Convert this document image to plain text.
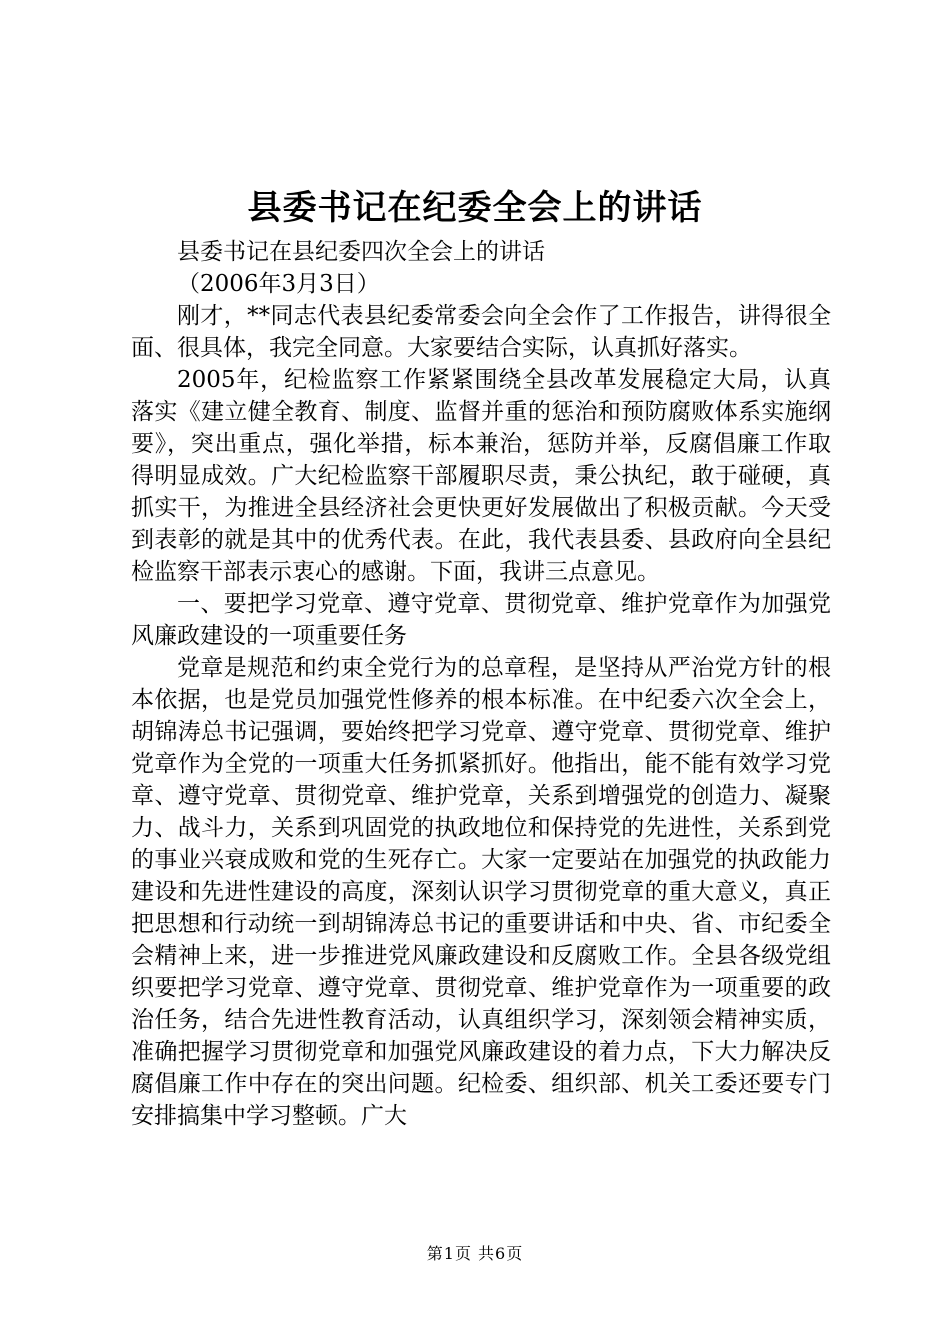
县委书记在纪委全会上的讲话

县委书记在县纪委四次全会上的讲话

（2006年3月3日）

刚才，**同志代表县纪委常委会向全会作了工作报告，讲得很全面、很具体，我完全同意。大家要结合实际，认真抓好落实。

2005年，纪检监察工作紧紧围绕全县改革发展稳定大局，认真落实《建立健全教育、制度、监督并重的惩治和预防腐败体系实施纲要》，突出重点，强化举措，标本兼治，惩防并举，反腐倡廉工作取得明显成效。广大纪检监察干部履职尽责，秉公执纪，敢于碰硬，真抓实干，为推进全县经济社会更快更好发展做出了积极贡献。今天受到表彰的就是其中的优秀代表。在此，我代表县委、县政府向全县纪检监察干部表示衷心的感谢。下面，我讲三点意见。

一、要把学习党章、遵守党章、贯彻党章、维护党章作为加强党风廉政建设的一项重要任务

党章是规范和约束全党行为的总章程，是坚持从严治党方针的根本依据，也是党员加强党性修养的根本标准。在中纪委六次全会上，胡锦涛总书记强调，要始终把学习党章、遵守党章、贯彻党章、维护党章作为全党的一项重大任务抓紧抓好。他指出，能不能有效学习党章、遵守党章、贯彻党章、维护党章，关系到增强党的创造力、凝聚力、战斗力，关系到巩固党的执政地位和保持党的先进性，关系到党的事业兴衰成败和党的生死存亡。大家一定要站在加强党的执政能力建设和先进性建设的高度，深刻认识学习贯彻党章的重大意义，真正把思想和行动统一到胡锦涛总书记的重要讲话和中央、省、市纪委全会精神上来，进一步推进党风廉政建设和反腐败工作。全县各级党组织要把学习党章、遵守党章、贯彻党章、维护党章作为一项重要的政治任务，结合先进性教育活动，认真组织学习，深刻领会精神实质，准确把握学习贯彻党章和加强党风廉政建设的着力点，下大力解决反腐倡廉工作中存在的突出问题。纪检委、组织部、机关工委还要专门安排搞集中学习整顿。广大

第1页 共6页
